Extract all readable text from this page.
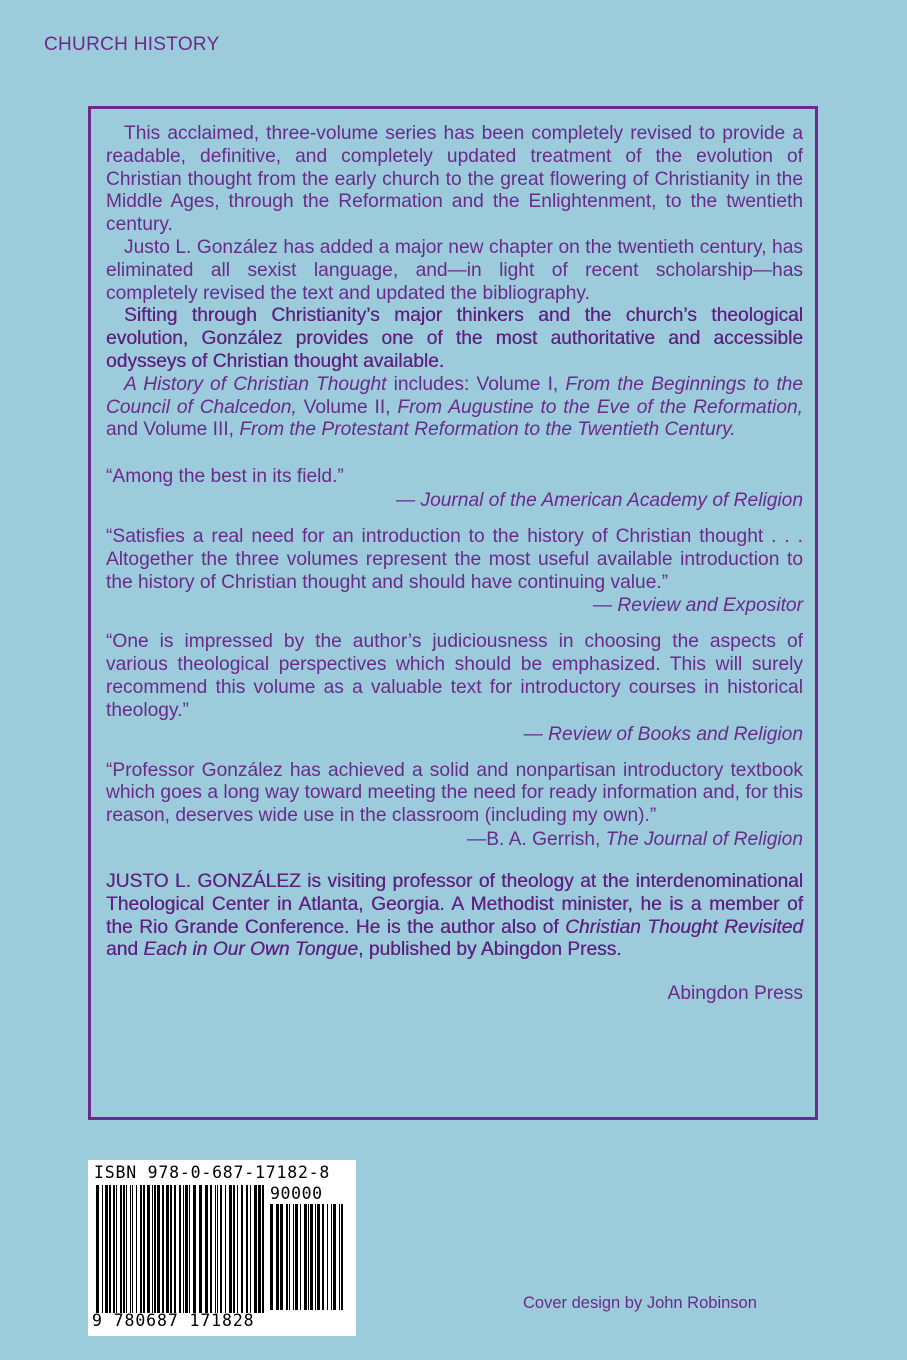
CHURCH HISTORY

This acclaimed, three-volume series has been completely revised to provide a readable, definitive, and completely updated treatment of the evolution of Christian thought from the early church to the great flowering of Christianity in the Middle Ages, through the Reformation and the Enlightenment, to the twentieth century.

Justo L. González has added a major new chapter on the twentieth century, has eliminated all sexist language, and—in light of recent scholarship—has completely revised the text and updated the bibliography.

Sifting through Christianity’s major thinkers and the church’s theological evolution, González provides one of the most authoritative and accessible odysseys of Christian thought available.

A History of Christian Thought includes: Volume I, From the Beginnings to the Council of Chalcedon, Volume II, From Augustine to the Eve of the Reformation, and Volume III, From the Protestant Reformation to the Twentieth Century.

“Among the best in its field.”

— Journal of the American Academy of Religion

“Satisfies a real need for an introduction to the history of Christian thought . . . Altogether the three volumes represent the most useful available introduction to the history of Christian thought and should have continuing value.”

— Review and Expositor

“One is impressed by the author’s judiciousness in choosing the aspects of various theological perspectives which should be emphasized. This will surely recommend this volume as a valuable text for introductory courses in historical theology.”

— Review of Books and Religion

“Professor González has achieved a solid and nonpartisan introductory textbook which goes a long way toward meeting the need for ready information and, for this reason, deserves wide use in the classroom (including my own).”

—B. A. Gerrish, The Journal of Religion

JUSTO L. GONZÁLEZ is visiting professor of theology at the interdenominational Theological Center in Atlanta, Georgia. A Methodist minister, he is a member of the Rio Grande Conference. He is the author also of Christian Thought Revisited and Each in Our Own Tongue, published by Abingdon Press.

Abingdon Press

ISBN 978-0-687-17182-8
90000
9 780687 171828
Cover design by John Robinson
